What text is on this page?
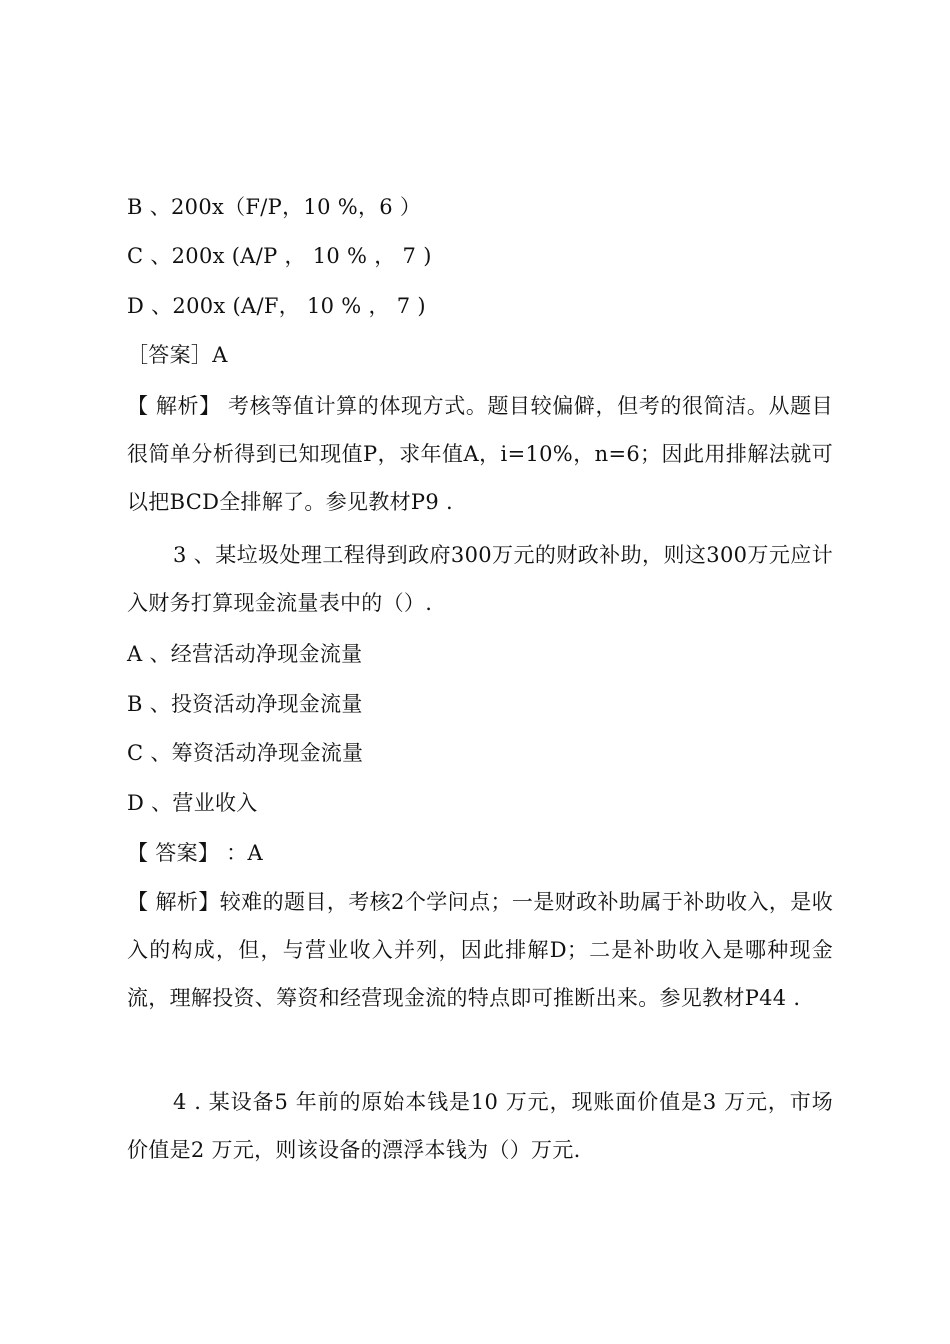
B 、200x（F/P，10 %，6 ）
C 、200x (A/P ， 10 % ， 7 )
D 、200x (A/F， 10 % ， 7 )
［答案］A
【 解析】 考核等值计算的体现方式。题目较偏僻，但考的很简洁。从题目很简单分析得到已知现值P，求年值A，i=10%，n=6；因此用排解法就可以把BCD全排解了。参见教材P9 .
3 、某垃圾处理工程得到政府300万元的财政补助，则这300万元应计入财务打算现金流量表中的（）.
A 、经营活动净现金流量
B 、投资活动净现金流量
C 、筹资活动净现金流量
D 、营业收入
【 答案】 ：A
【 解析】较难的题目，考核2个学问点；一是财政补助属于补助收入，是收入的构成，但，与营业收入并列，因此排解D；二是补助收入是哪种现金流，理解投资、筹资和经营现金流的特点即可推断出来。参见教材P44 .
4 . 某设备5 年前的原始本钱是10 万元，现账面价值是3 万元，市场价值是2 万元，则该设备的漂浮本钱为（）万元.
